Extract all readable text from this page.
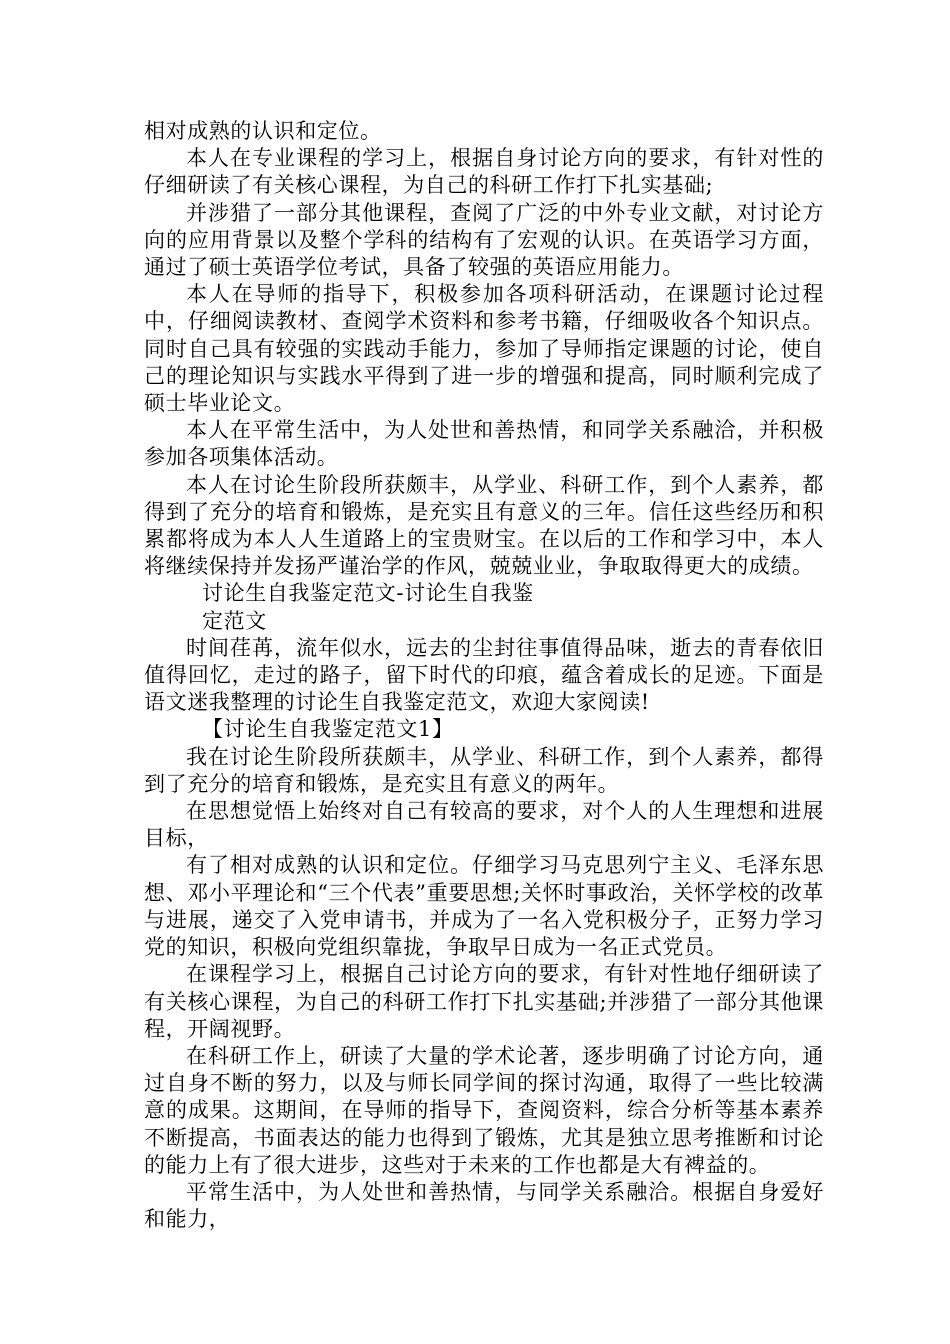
相对成熟的认识和定位。

本人在专业课程的学习上，根据自身讨论方向的要求，有针对性的仔细研读了有关核心课程，为自己的科研工作打下扎实基础;

并涉猎了一部分其他课程，查阅了广泛的中外专业文献，对讨论方向的应用背景以及整个学科的结构有了宏观的认识。在英语学习方面，通过了硕士英语学位考试，具备了较强的英语应用能力。

本人在导师的指导下，积极参加各项科研活动，在课题讨论过程中，仔细阅读教材、查阅学术资料和参考书籍，仔细吸收各个知识点。同时自己具有较强的实践动手能力，参加了导师指定课题的讨论，使自己的理论知识与实践水平得到了进一步的增强和提高，同时顺利完成了硕士毕业论文。

本人在平常生活中，为人处世和善热情，和同学关系融洽，并积极参加各项集体活动。

本人在讨论生阶段所获颇丰，从学业、科研工作，到个人素养，都得到了充分的培育和锻炼，是充实且有意义的三年。信任这些经历和积累都将成为本人人生道路上的宝贵财宝。在以后的工作和学习中，本人将继续保持并发扬严谨治学的作风，兢兢业业，争取取得更大的成绩。

讨论生自我鉴定范文-讨论生自我鉴

定范文

时间荏苒，流年似水，远去的尘封往事值得品味，逝去的青春依旧值得回忆，走过的路子，留下时代的印痕，蕴含着成长的足迹。下面是语文迷我整理的讨论生自我鉴定范文，欢迎大家阅读!

【讨论生自我鉴定范文1】

我在讨论生阶段所获颇丰，从学业、科研工作，到个人素养，都得到了充分的培育和锻炼，是充实且有意义的两年。

在思想觉悟上始终对自己有较高的要求，对个人的人生理想和进展目标，

有了相对成熟的认识和定位。仔细学习马克思列宁主义、毛泽东思想、邓小平理论和“三个代表”重要思想;关怀时事政治，关怀学校的改革与进展，递交了入党申请书，并成为了一名入党积极分子，正努力学习党的知识，积极向党组织靠拢，争取早日成为一名正式党员。

在课程学习上，根据自己讨论方向的要求，有针对性地仔细研读了有关核心课程，为自己的科研工作打下扎实基础;并涉猎了一部分其他课程，开阔视野。

在科研工作上，研读了大量的学术论著，逐步明确了讨论方向，通过自身不断的努力，以及与师长同学间的探讨沟通，取得了一些比较满意的成果。这期间，在导师的指导下，查阅资料，综合分析等基本素养不断提高，书面表达的能力也得到了锻炼，尤其是独立思考推断和讨论的能力上有了很大进步，这些对于未来的工作也都是大有裨益的。

平常生活中，为人处世和善热情，与同学关系融洽。根据自身爱好和能力，
